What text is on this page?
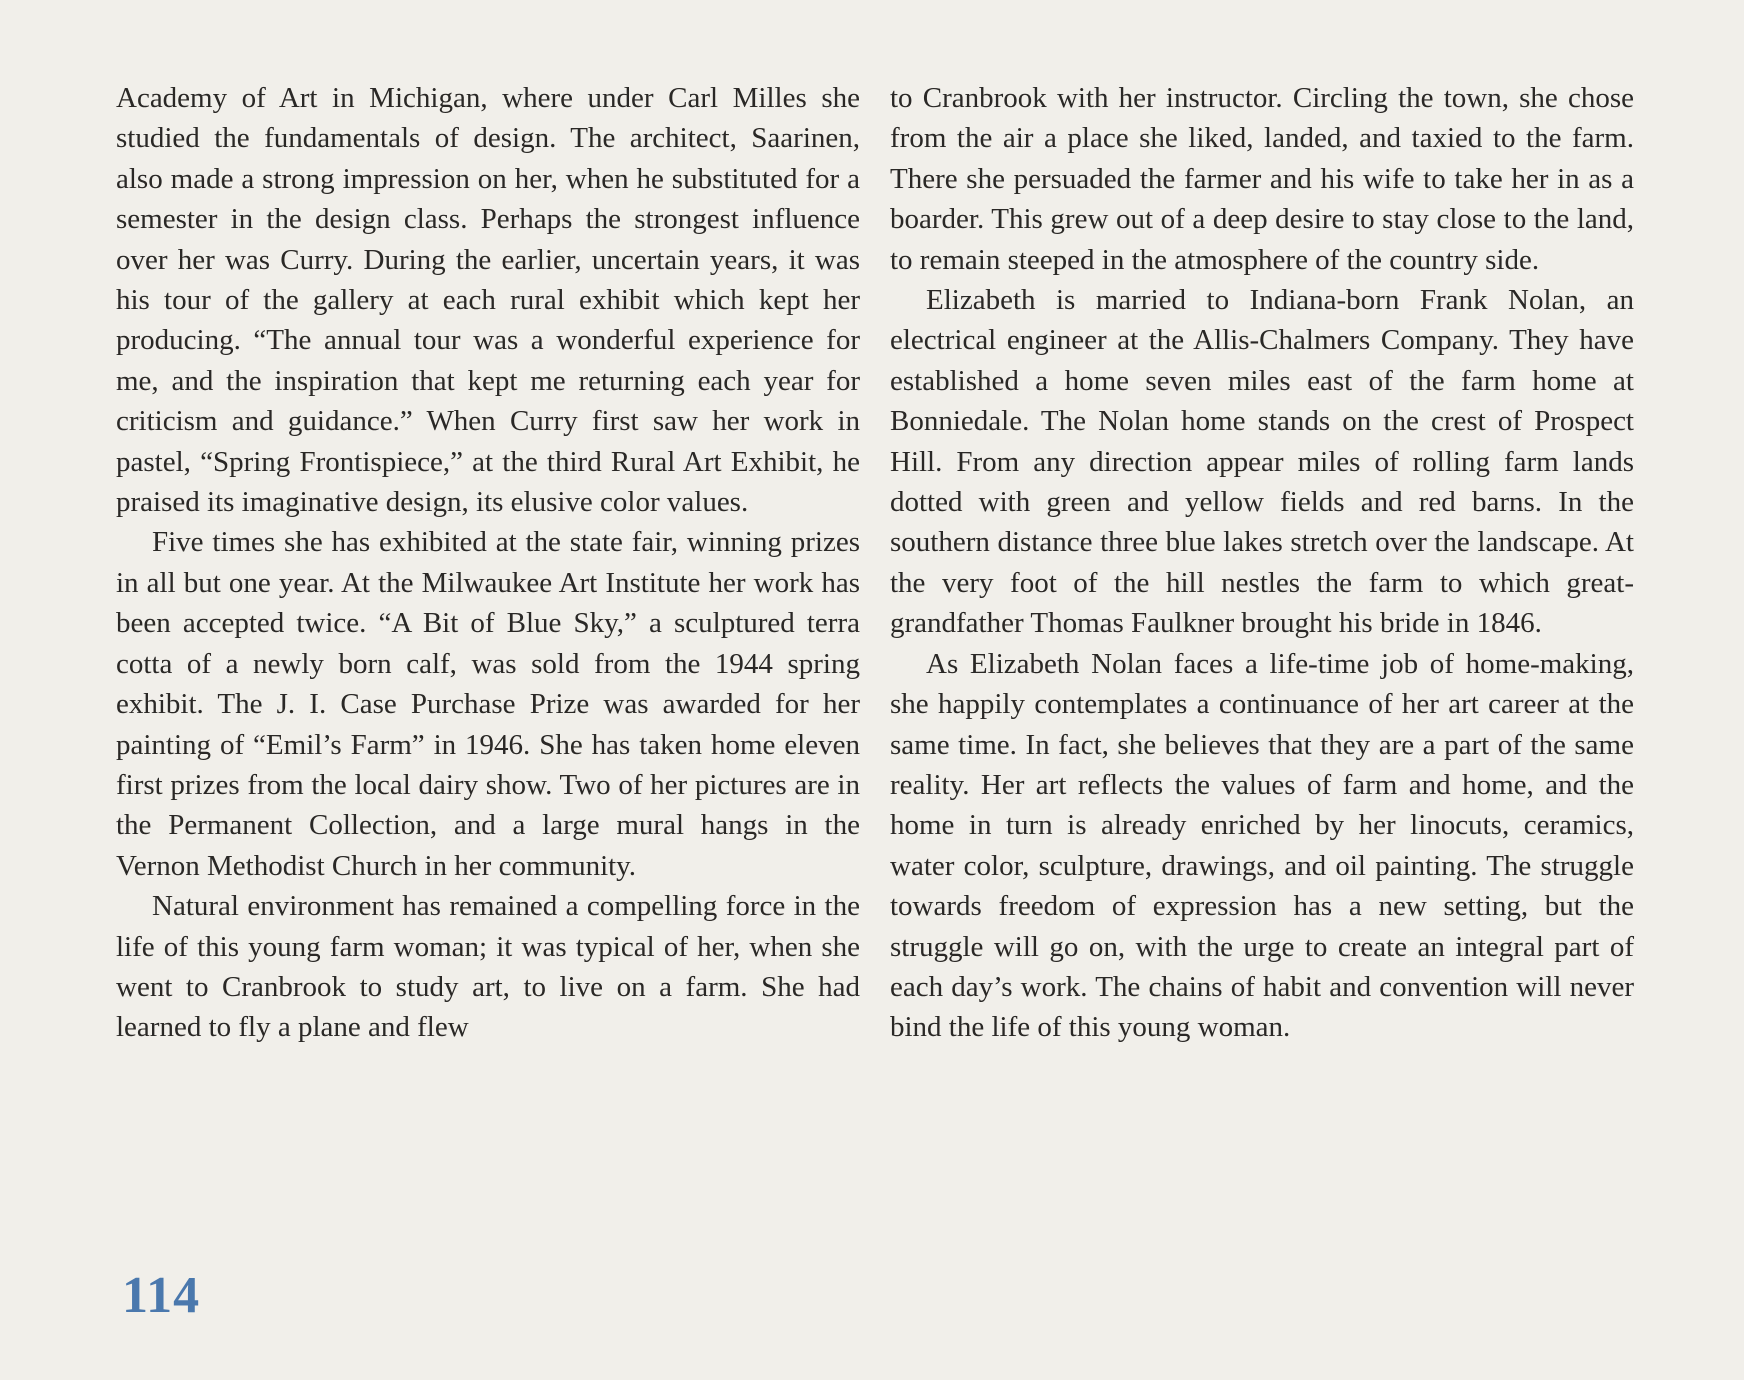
Academy of Art in Michigan, where under Carl Milles she studied the fundamentals of design. The architect, Saarinen, also made a strong impression on her, when he substituted for a semester in the design class. Perhaps the strongest influence over her was Curry. During the earlier, uncertain years, it was his tour of the gallery at each rural exhibit which kept her producing. “The annual tour was a wonderful experience for me, and the inspiration that kept me returning each year for criticism and guidance.” When Curry first saw her work in pastel, “Spring Frontispiece,” at the third Rural Art Exhibit, he praised its imaginative design, its elusive color values.

Five times she has exhibited at the state fair, winning prizes in all but one year. At the Milwaukee Art Institute her work has been accepted twice. “A Bit of Blue Sky,” a sculptured terra cotta of a newly born calf, was sold from the 1944 spring exhibit. The J. I. Case Purchase Prize was awarded for her painting of “Emil’s Farm” in 1946. She has taken home eleven first prizes from the local dairy show. Two of her pictures are in the Permanent Collection, and a large mural hangs in the Vernon Methodist Church in her community.

Natural environment has remained a compelling force in the life of this young farm woman; it was typical of her, when she went to Cranbrook to study art, to live on a farm. She had learned to fly a plane and flew

to Cranbrook with her instructor. Circling the town, she chose from the air a place she liked, landed, and taxied to the farm. There she persuaded the farmer and his wife to take her in as a boarder. This grew out of a deep desire to stay close to the land, to remain steeped in the atmosphere of the country side.

Elizabeth is married to Indiana-born Frank Nolan, an electrical engineer at the Allis-Chalmers Company. They have established a home seven miles east of the farm home at Bonniedale. The Nolan home stands on the crest of Prospect Hill. From any direction appear miles of rolling farm lands dotted with green and yellow fields and red barns. In the southern distance three blue lakes stretch over the landscape. At the very foot of the hill nestles the farm to which great-grandfather Thomas Faulkner brought his bride in 1846.

As Elizabeth Nolan faces a life-time job of home-making, she happily contemplates a continuance of her art career at the same time. In fact, she believes that they are a part of the same reality. Her art reflects the values of farm and home, and the home in turn is already enriched by her linocuts, ceramics, water color, sculpture, drawings, and oil painting. The struggle towards freedom of expression has a new setting, but the struggle will go on, with the urge to create an integral part of each day’s work. The chains of habit and convention will never bind the life of this young woman.

114
